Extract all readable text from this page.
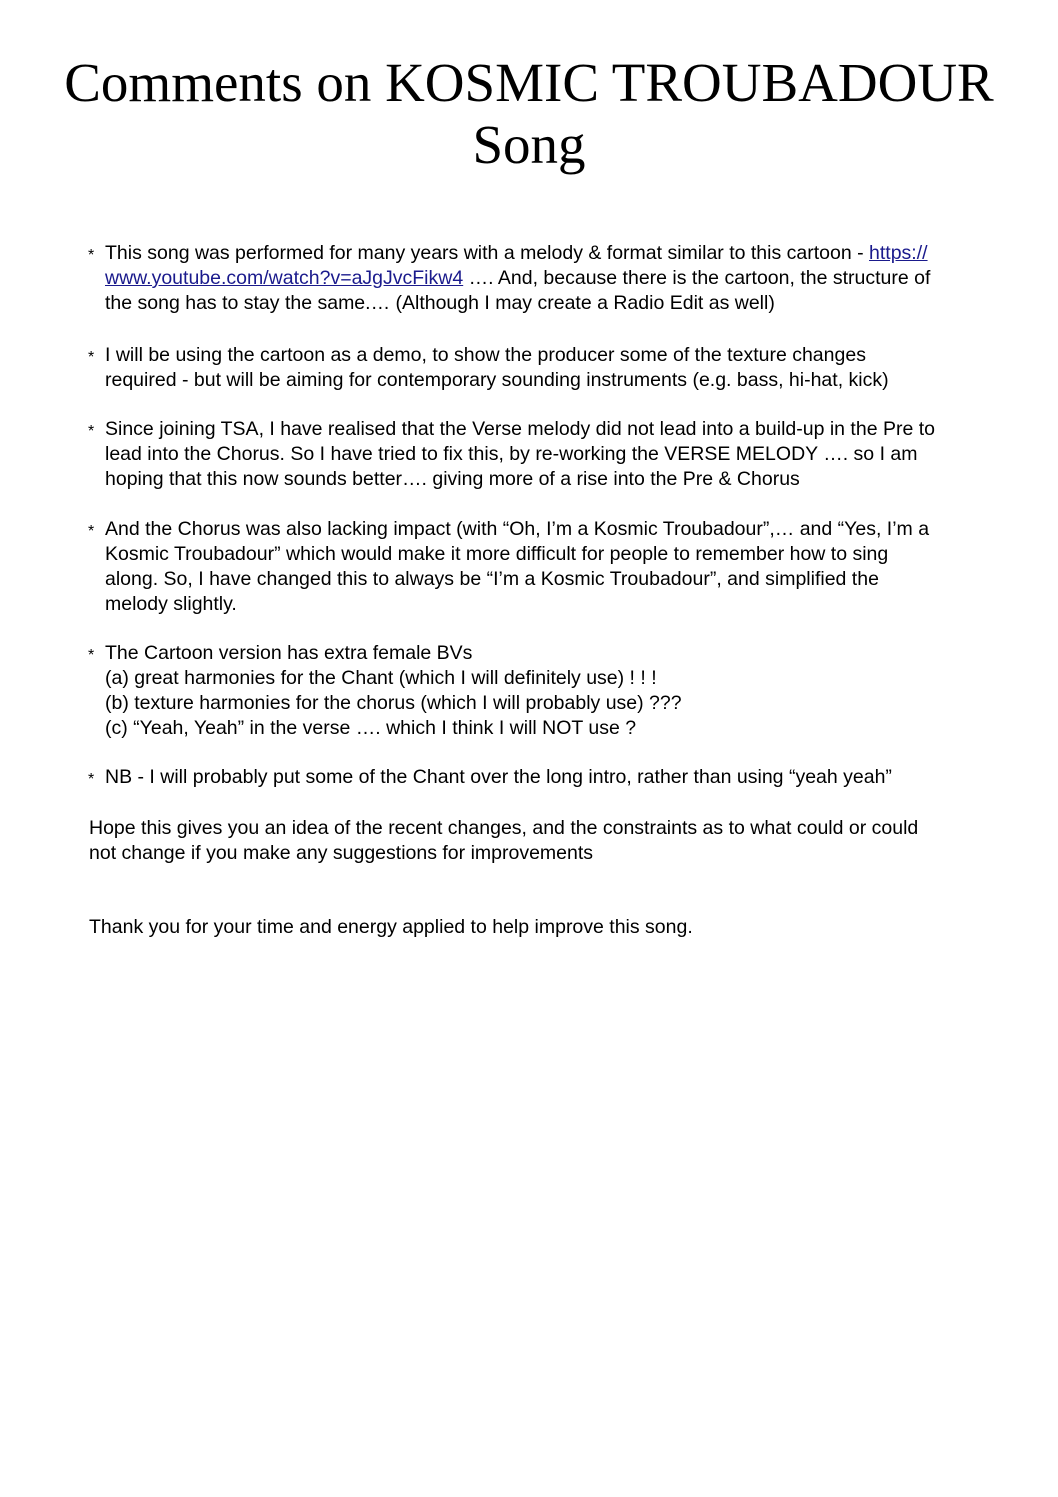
Comments on KOSMIC TROUBADOUR
Song
* This song was performed for many years with a melody & format similar to this cartoon - https://
www.youtube.com/watch?v=aJgJvcFikw4 …. And, because there is the cartoon, the structure of
the song has to stay the same.… (Although I may create a Radio Edit as well)
* I will be using the cartoon as a demo, to show the producer some of the texture changes
required - but will be aiming for contemporary sounding instruments (e.g. bass, hi-hat, kick)
* Since joining TSA, I have realised that the Verse melody did not lead into a build-up in the Pre to
lead into the Chorus. So I have tried to fix this, by re-working the VERSE MELODY …. so I am
hoping that this now sounds better…. giving more of a rise into the Pre & Chorus
* And the Chorus was also lacking impact (with “Oh, I’m a Kosmic Troubadour”,… and “Yes, I’m a
Kosmic Troubadour” which would make it more difficult for people to remember how to sing
along. So, I have changed this to always be “I’m a Kosmic Troubadour”, and simplified the
melody slightly.
* The Cartoon version has extra female BVs
(a) great harmonies for the Chant (which I will definitely use) ! ! !
(b) texture harmonies for the chorus (which I will probably use) ???
(c) “Yeah, Yeah” in the verse …. which I think I will NOT use ?
* NB - I will probably put some of the Chant over the long intro, rather than using “yeah yeah”
Hope this gives you an idea of the recent changes, and the constraints as to what could or could
not change if you make any suggestions for improvements
Thank you for your time and energy applied to help improve this song.
